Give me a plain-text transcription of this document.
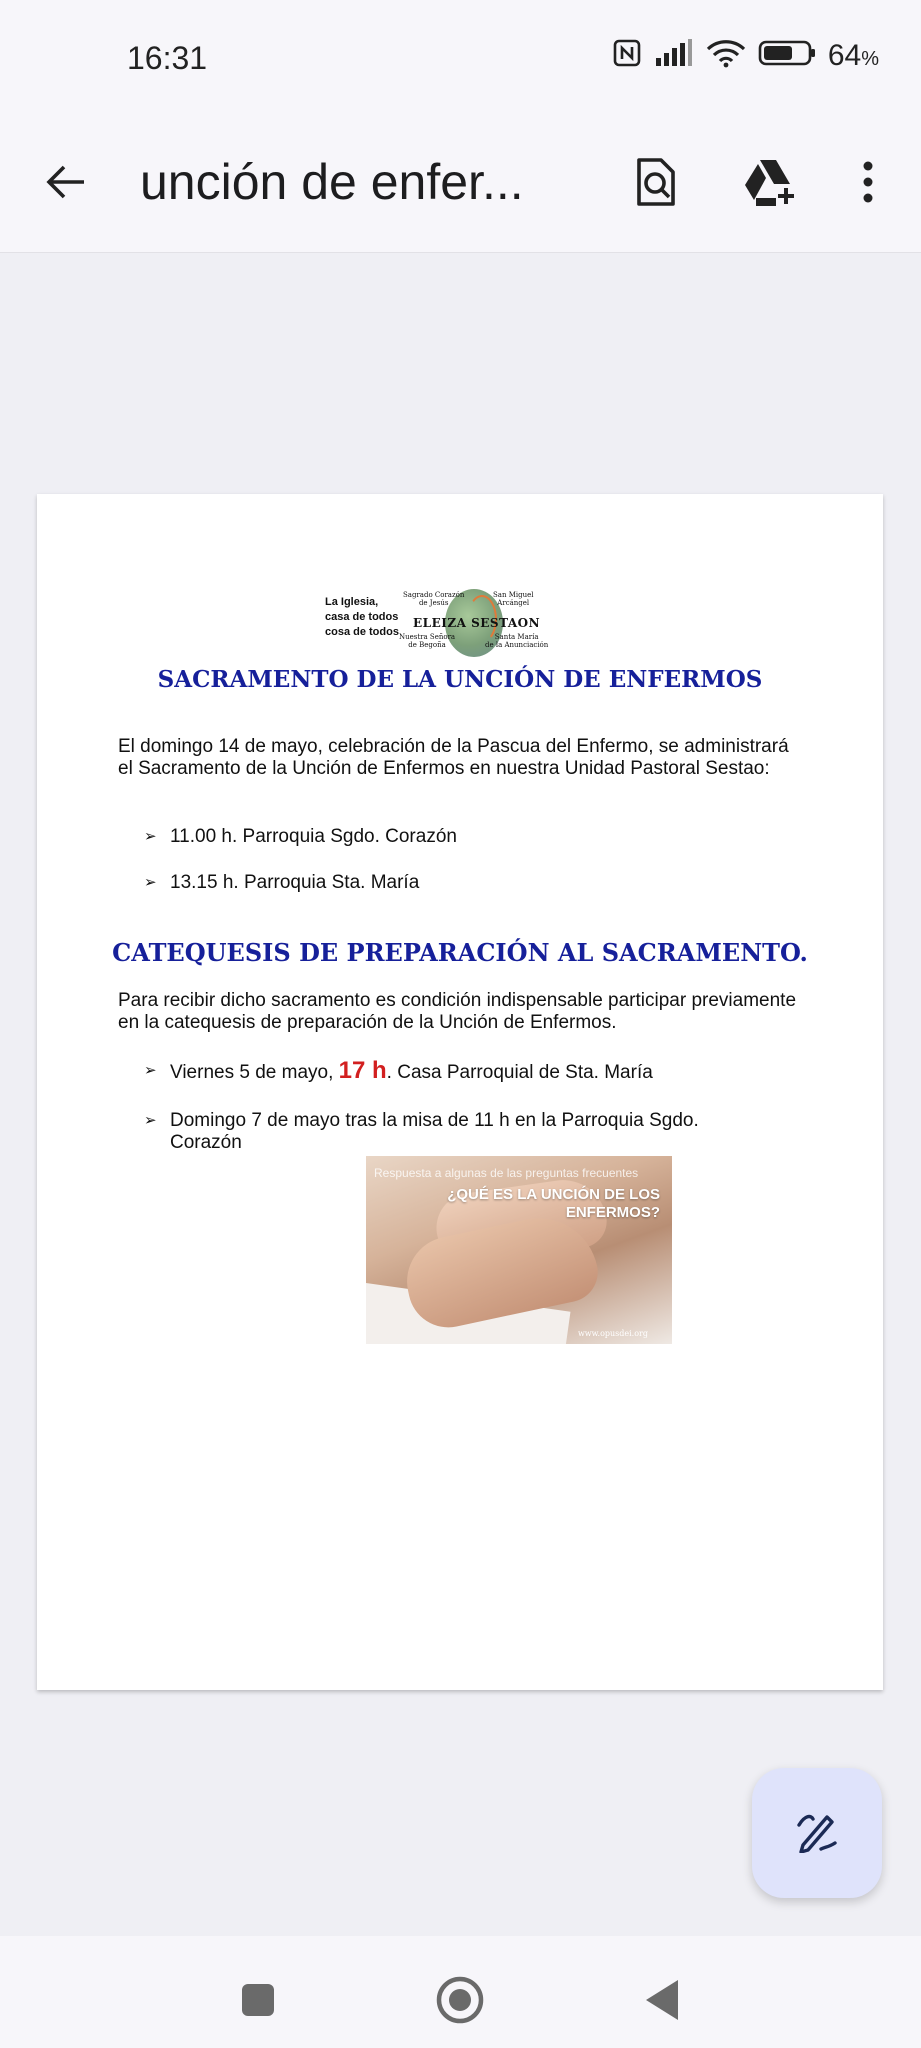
16:31	64%
unción de enfer...
La Iglesia,
casa de todos
cosa de todos
Sagrado Corazón
de Jesús
San Miguel
Arcángel
ELEIZA SESTAON
Nuestra Señora
de Begoña
Santa María
de la Anunciación
SACRAMENTO DE LA UNCIÓN DE ENFERMOS
El domingo 14 de mayo, celebración de la Pascua del Enfermo, se administrará el Sacramento de la Unción de Enfermos en nuestra Unidad Pastoral Sestao:
➢ 11.00 h. Parroquia Sgdo. Corazón
➢ 13.15 h. Parroquia Sta. María
CATEQUESIS DE PREPARACIÓN AL SACRAMENTO.
Para recibir dicho sacramento es condición indispensable participar previamente en la catequesis de preparación de la Unción de Enfermos.
➢ Viernes 5 de mayo, 17 h. Casa Parroquial de Sta. María
➢ Domingo 7 de mayo tras la misa de 11 h en la Parroquia Sgdo. Corazón
Respuesta a algunas de las preguntas frecuentes
¿QUÉ ES LA UNCIÓN DE LOS ENFERMOS?
www.opusdei.org
